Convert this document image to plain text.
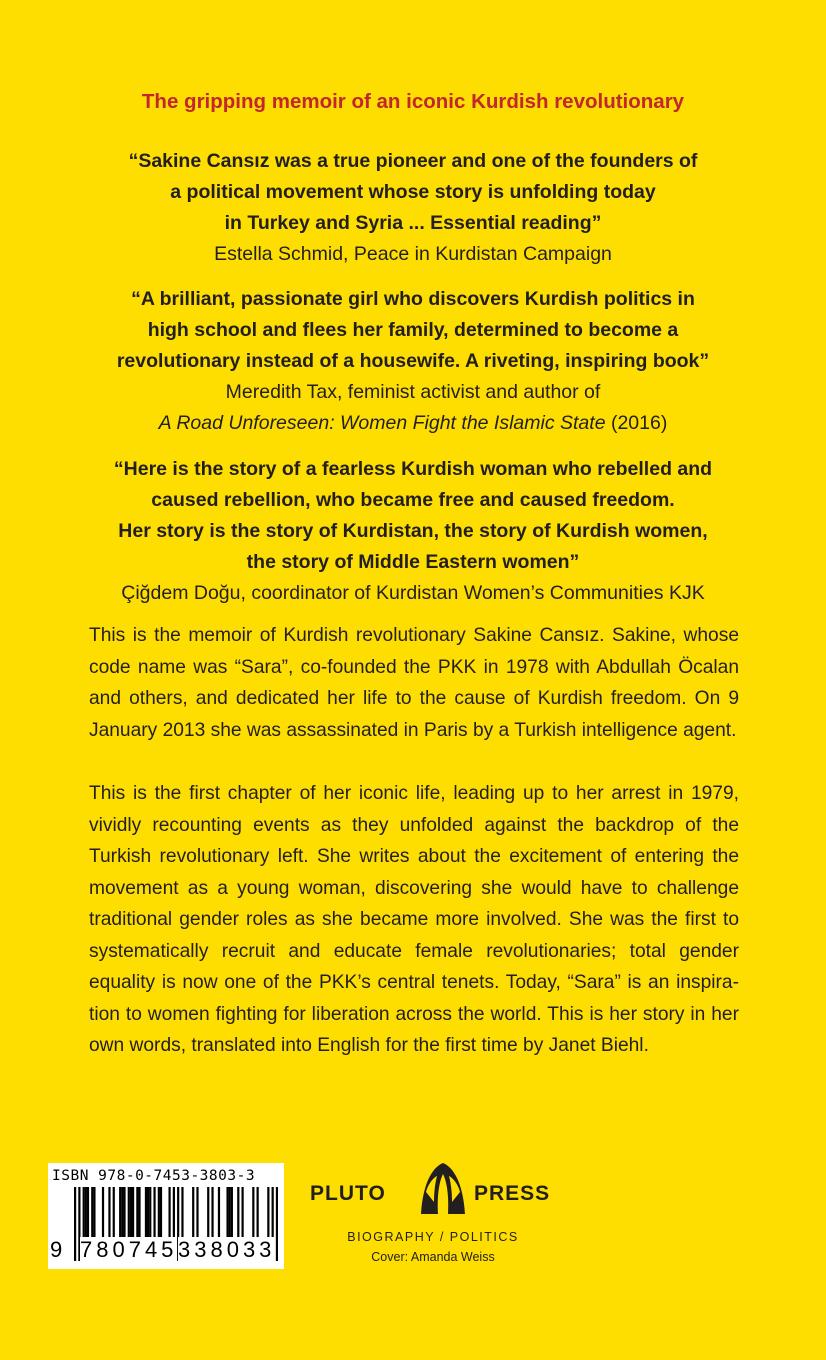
The gripping memoir of an iconic Kurdish revolutionary

“Sakine Cansız was a true pioneer and one of the founders of
a political movement whose story is unfolding today
in Turkey and Syria ... Essential reading”
Estella Schmid, Peace in Kurdistan Campaign
“A brilliant, passionate girl who discovers Kurdish politics in
high school and flees her family, determined to become a
revolutionary instead of a housewife. A riveting, inspiring book”
Meredith Tax, feminist activist and author of
A Road Unforeseen: Women Fight the Islamic State (2016)
“Here is the story of a fearless Kurdish woman who rebelled and
caused rebellion, who became free and caused freedom.
Her story is the story of Kurdistan, the story of Kurdish women,
the story of Middle Eastern women”
Çiğdem Doğu, coordinator of Kurdistan Women’s Communities KJK

This is the memoir of Kurdish revolutionary Sakine Cansız. Sakine, whose code name was “Sara”, co-founded the PKK in 1978 with Abdullah Öcalan and others, and dedicated her life to the cause of Kurdish freedom. On 9 January 2013 she was assassinated in Paris by a Turkish intelligence agent.

This is the first chapter of her iconic life, leading up to her arrest in 1979, vividly recounting events as they unfolded against the backdrop of the Turkish revolutionary left. She writes about the excitement of entering the movement as a young woman, discovering she would have to challenge traditional gender roles as she became more involved. She was the first to systematically recruit and educate female revolutionaries; total gender equality is now one of the PKK’s central tenets. Today, “Sara” is an inspiration to women fighting for liberation across the world. This is her story in her own words, translated into English for the first time by Janet Biehl.

ISBN 978-0-7453-3803-3
9 780745 338033
PLUTO	PRESS
BIOGRAPHY / POLITICS
Cover: Amanda Weiss
